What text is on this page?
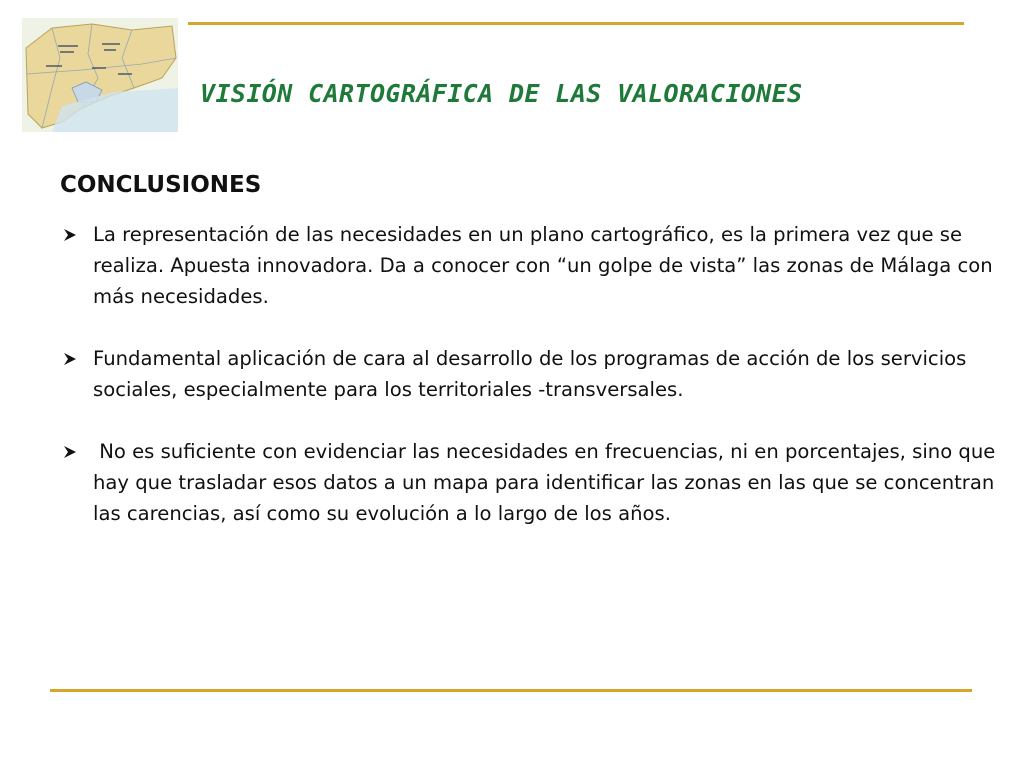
VISIÓN CARTOGRÁFICA DE LAS VALORACIONES
CONCLUSIONES
La representación de las necesidades en un plano cartográfico, es la primera vez que se realiza. Apuesta innovadora. Da a conocer con “un golpe de vista” las zonas de Málaga con más necesidades.
Fundamental aplicación de cara al desarrollo de los programas de acción de los servicios sociales, especialmente para los territoriales -transversales.
No es suficiente con evidenciar las necesidades en frecuencias, ni en porcentajes, sino que hay que trasladar esos datos a un mapa para identificar las zonas en las que se concentran las carencias, así como su evolución a lo largo de los años.
